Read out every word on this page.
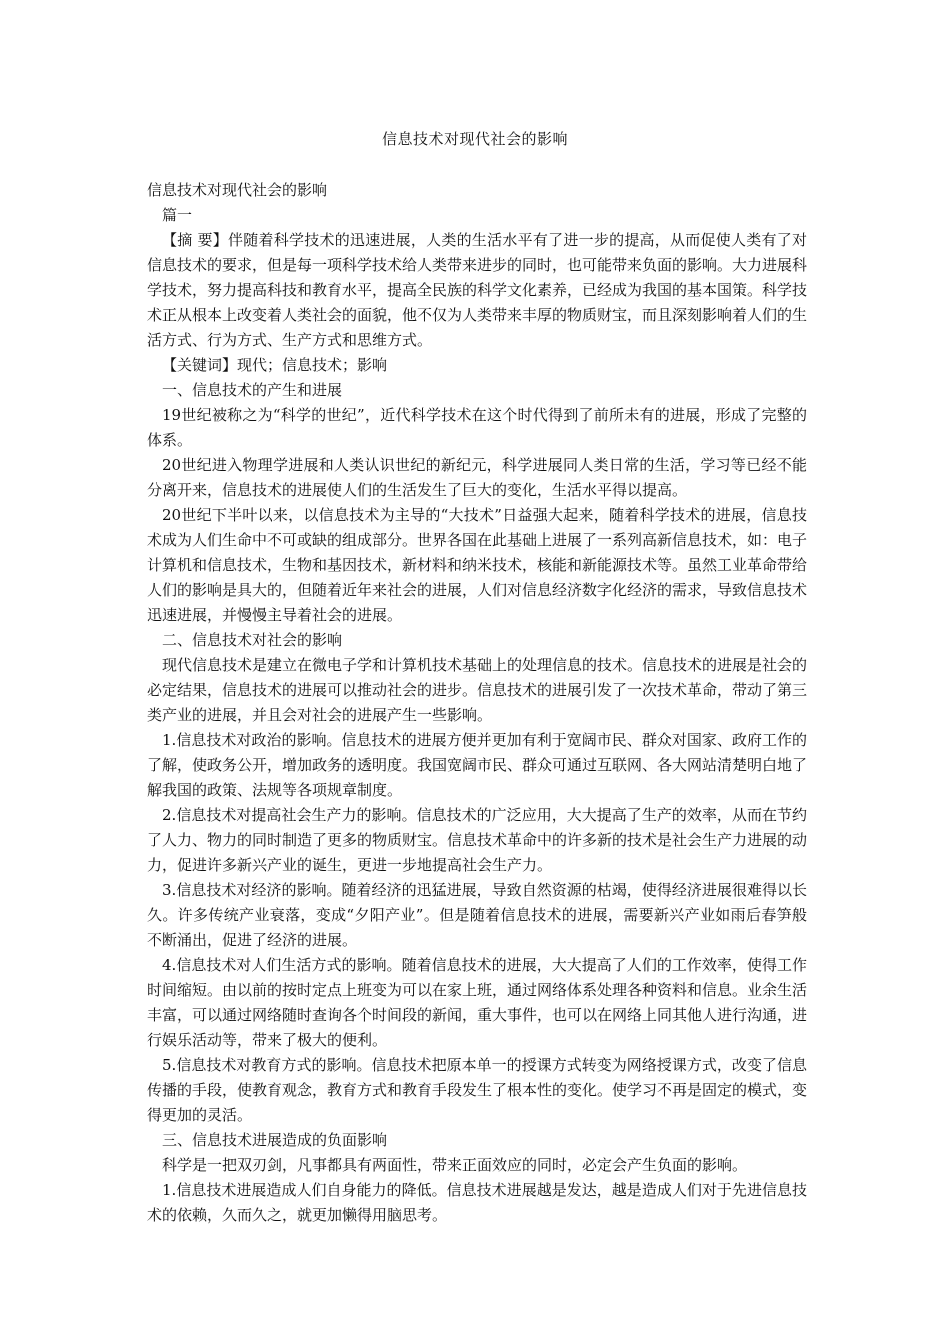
信息技术对现代社会的影响

信息技术对现代社会的影响

篇一

【摘 要】伴随着科学技术的迅速进展，人类的生活水平有了进一步的提高，从而促使人类有了对信息技术的要求，但是每一项科学技术给人类带来进步的同时，也可能带来负面的影响。大力进展科学技术，努力提高科技和教育水平，提高全民族的科学文化素养，已经成为我国的基本国策。科学技术正从根本上改变着人类社会的面貌，他不仅为人类带来丰厚的物质财宝，而且深刻影响着人们的生活方式、行为方式、生产方式和思维方式。

【关键词】现代；信息技术；影响

一、信息技术的产生和进展

19世纪被称之为“科学的世纪”，近代科学技术在这个时代得到了前所未有的进展，形成了完整的体系。

20世纪进入物理学进展和人类认识世纪的新纪元，科学进展同人类日常的生活，学习等已经不能分离开来，信息技术的进展使人们的生活发生了巨大的变化，生活水平得以提高。

20世纪下半叶以来，以信息技术为主导的“大技术”日益强大起来，随着科学技术的进展，信息技术成为人们生命中不可或缺的组成部分。世界各国在此基础上进展了一系列高新信息技术，如：电子计算机和信息技术，生物和基因技术，新材料和纳米技术，核能和新能源技术等。虽然工业革命带给人们的影响是具大的，但随着近年来社会的进展，人们对信息经济数字化经济的需求，导致信息技术迅速进展，并慢慢主导着社会的进展。

二、信息技术对社会的影响

现代信息技术是建立在微电子学和计算机技术基础上的处理信息的技术。信息技术的进展是社会的必定结果，信息技术的进展可以推动社会的进步。信息技术的进展引发了一次技术革命，带动了第三类产业的进展，并且会对社会的进展产生一些影响。

1.信息技术对政治的影响。信息技术的进展方便并更加有利于宽阔市民、群众对国家、政府工作的了解，使政务公开，增加政务的透明度。我国宽阔市民、群众可通过互联网、各大网站清楚明白地了解我国的政策、法规等各项规章制度。

2.信息技术对提高社会生产力的影响。信息技术的广泛应用，大大提高了生产的效率，从而在节约了人力、物力的同时制造了更多的物质财宝。信息技术革命中的许多新的技术是社会生产力进展的动力，促进许多新兴产业的诞生，更进一步地提高社会生产力。

3.信息技术对经济的影响。随着经济的迅猛进展，导致自然资源的枯竭，使得经济进展很难得以长久。许多传统产业衰落，变成“夕阳产业”。但是随着信息技术的进展，需要新兴产业如雨后春笋般不断涌出，促进了经济的进展。

4.信息技术对人们生活方式的影响。随着信息技术的进展，大大提高了人们的工作效率，使得工作时间缩短。由以前的按时定点上班变为可以在家上班，通过网络体系处理各种资料和信息。业余生活丰富，可以通过网络随时查询各个时间段的新闻，重大事件，也可以在网络上同其他人进行沟通，进行娱乐活动等，带来了极大的便利。

5.信息技术对教育方式的影响。信息技术把原本单一的授课方式转变为网络授课方式，改变了信息传播的手段，使教育观念，教育方式和教育手段发生了根本性的变化。使学习不再是固定的模式，变得更加的灵活。

三、信息技术进展造成的负面影响

科学是一把双刃剑，凡事都具有两面性，带来正面效应的同时，必定会产生负面的影响。

1.信息技术进展造成人们自身能力的降低。信息技术进展越是发达，越是造成人们对于先进信息技术的依赖，久而久之，就更加懒得用脑思考。
